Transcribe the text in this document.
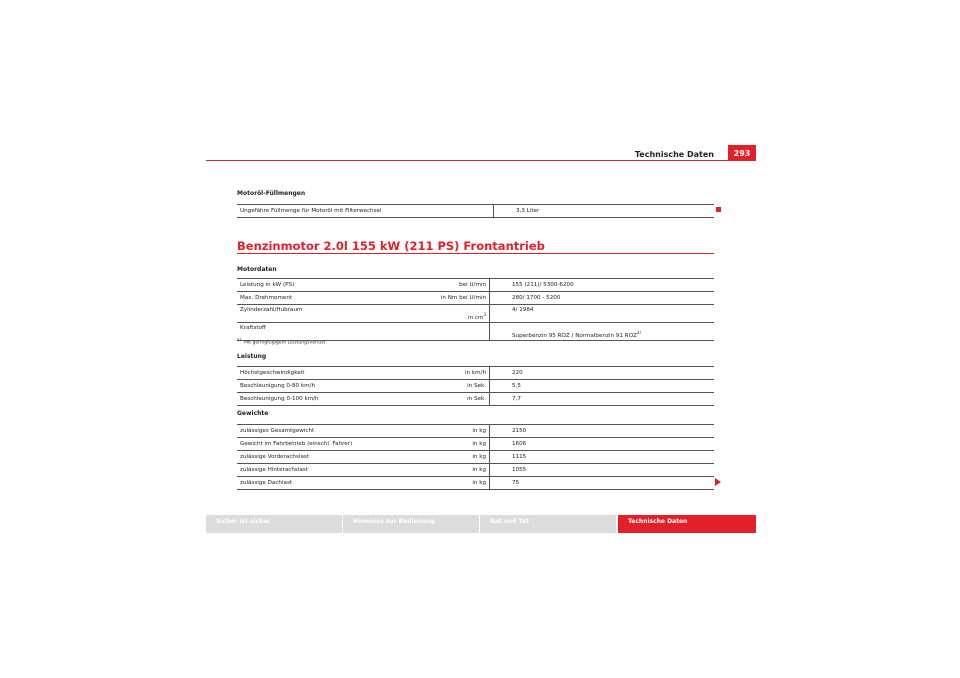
Technische Daten	293
Motoröl-Füllmengen
Ungefähre Füllmenge für Motoröl mit Filterwechsel	3,3 Liter
Benzinmotor 2.0l 155 kW (211 PS) Frontantrieb
Motordaten
Leistung in kW (PS)	bei U/min	155 (211)/ 5300-6200
Max. Drehmoment	in Nm bei U/min	280/ 1700 - 5200
Zylinderzahl/Hubraum	in $cm^3$	4/ 1984
Kraftstoff		Superbenzin 95 ROZ / Normalbenzin 91 ROZ$^{a)}$
$^{a)}$  Mit geringfügigem Leistungsverlust
Leistung
Höchstgeschwindigkeit	in km/h	220
Beschleunigung 0-80 km/h	in Sek.	5,5
Beschleunigung 0-100 km/h	in Sek.	7,7
Gewichte
zulässiges Gesamtgewicht	in kg	2150
Gewicht im Fahrbetrieb (einschl. Fahrer)	in kg	1606
zulässige Vorderachslast	in kg	1115
zulässige Hinterachslast	in kg	1055
zulässige Dachlast	in kg	75
Sicher ist sicher	Hinweise zur Bedienung	Rat und Tat	Technische Daten
